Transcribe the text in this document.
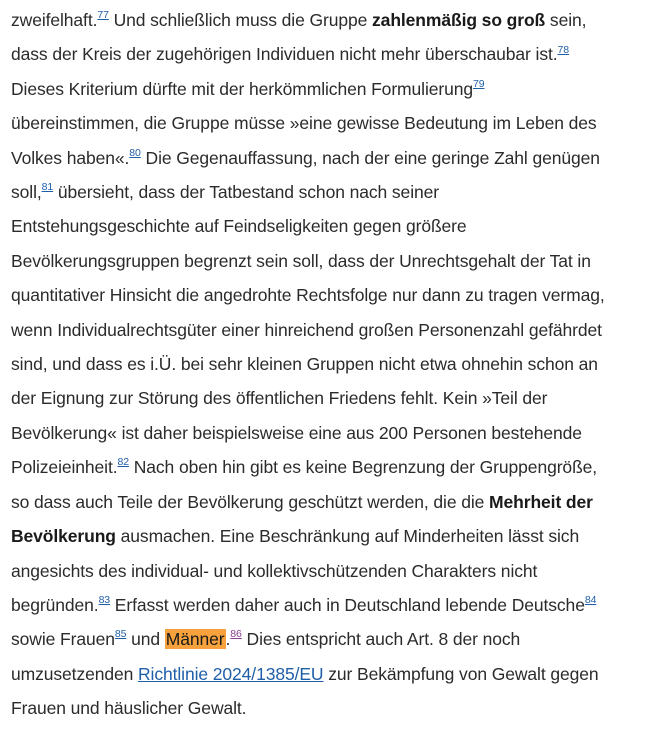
zweifelhaft.$^{77}$ Und schließlich muss die Gruppe zahlenmäßig so groß sein,
dass der Kreis der zugehörigen Individuen nicht mehr überschaubar ist.$^{78}$
Dieses Kriterium dürfte mit der herkömmlichen Formulierung$^{79}$
übereinstimmen, die Gruppe müsse »eine gewisse Bedeutung im Leben des
Volkes haben«.$^{80}$ Die Gegenauffassung, nach der eine geringe Zahl genügen
soll,$^{81}$ übersieht, dass der Tatbestand schon nach seiner
Entstehungsgeschichte auf Feindseligkeiten gegen größere
Bevölkerungsgruppen begrenzt sein soll, dass der Unrechtsgehalt der Tat in
quantitativer Hinsicht die angedrohte Rechtsfolge nur dann zu tragen vermag,
wenn Individualrechtsgüter einer hinreichend großen Personenzahl gefährdet
sind, und dass es i.Ü. bei sehr kleinen Gruppen nicht etwa ohnehin schon an
der Eignung zur Störung des öffentlichen Friedens fehlt. Kein »Teil der
Bevölkerung« ist daher beispielsweise eine aus 200 Personen bestehende
Polizeieinheit.$^{82}$ Nach oben hin gibt es keine Begrenzung der Gruppengröße,
so dass auch Teile der Bevölkerung geschützt werden, die die Mehrheit der
Bevölkerung ausmachen. Eine Beschränkung auf Minderheiten lässt sich
angesichts des individual- und kollektivschützenden Charakters nicht
begründen.$^{83}$ Erfasst werden daher auch in Deutschland lebende Deutsche$^{84}$
sowie Frauen$^{85}$ und Männer.$^{86}$ Dies entspricht auch Art. 8 der noch
umzusetzenden Richtlinie 2024/1385/EU zur Bekämpfung von Gewalt gegen
Frauen und häuslicher Gewalt.
